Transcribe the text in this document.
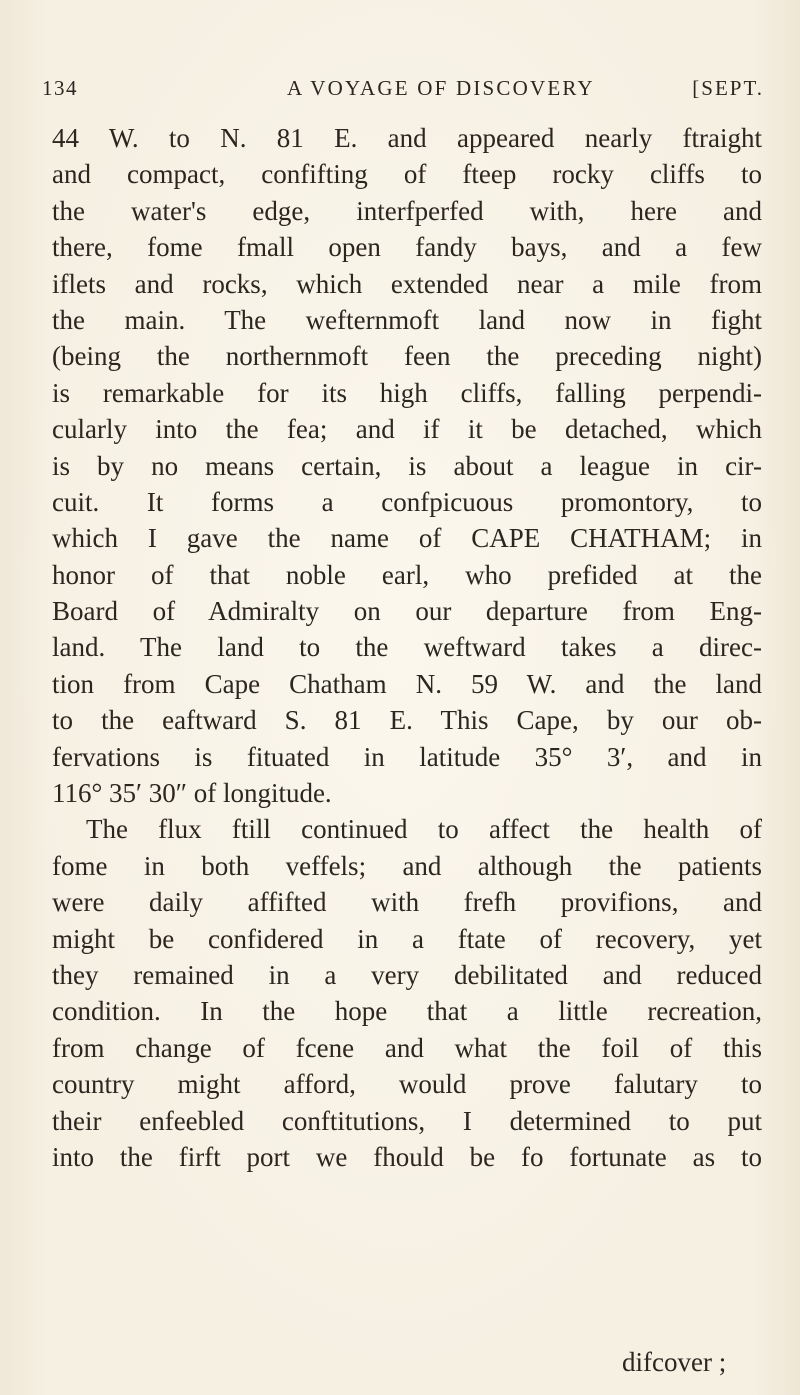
134	A VOYAGE OF DISCOVERY	[SEPT.
44 W. to N. 81 E. and appeared nearly ftraight
and compact, confifting of fteep rocky cliffs to
the water's edge, interfperfed with, here and
there, fome fmall open fandy bays, and a few
iflets and rocks, which extended near a mile from
the main. The wefternmoft land now in fight
(being the northernmoft feen the preceding night)
is remarkable for its high cliffs, falling perpendi-
cularly into the fea; and if it be detached, which
is by no means certain, is about a league in cir-
cuit. It forms a confpicuous promontory, to
which I gave the name of CAPE CHATHAM; in
honor of that noble earl, who prefided at the
Board of Admiralty on our departure from Eng-
land. The land to the weftward takes a direc-
tion from Cape Chatham N. 59 W. and the land
to the eaftward S. 81 E. This Cape, by our ob-
fervations is fituated in latitude 35° 3′, and in
116° 35′ 30″ of longitude.
The flux ftill continued to affect the health of
fome in both veffels; and although the patients
were daily affifted with frefh provifions, and
might be confidered in a ftate of recovery, yet
they remained in a very debilitated and reduced
condition. In the hope that a little recreation,
from change of fcene and what the foil of this
country might afford, would prove falutary to
their enfeebled conftitutions, I determined to put
into the firft port we fhould be fo fortunate as to
difcover ;
